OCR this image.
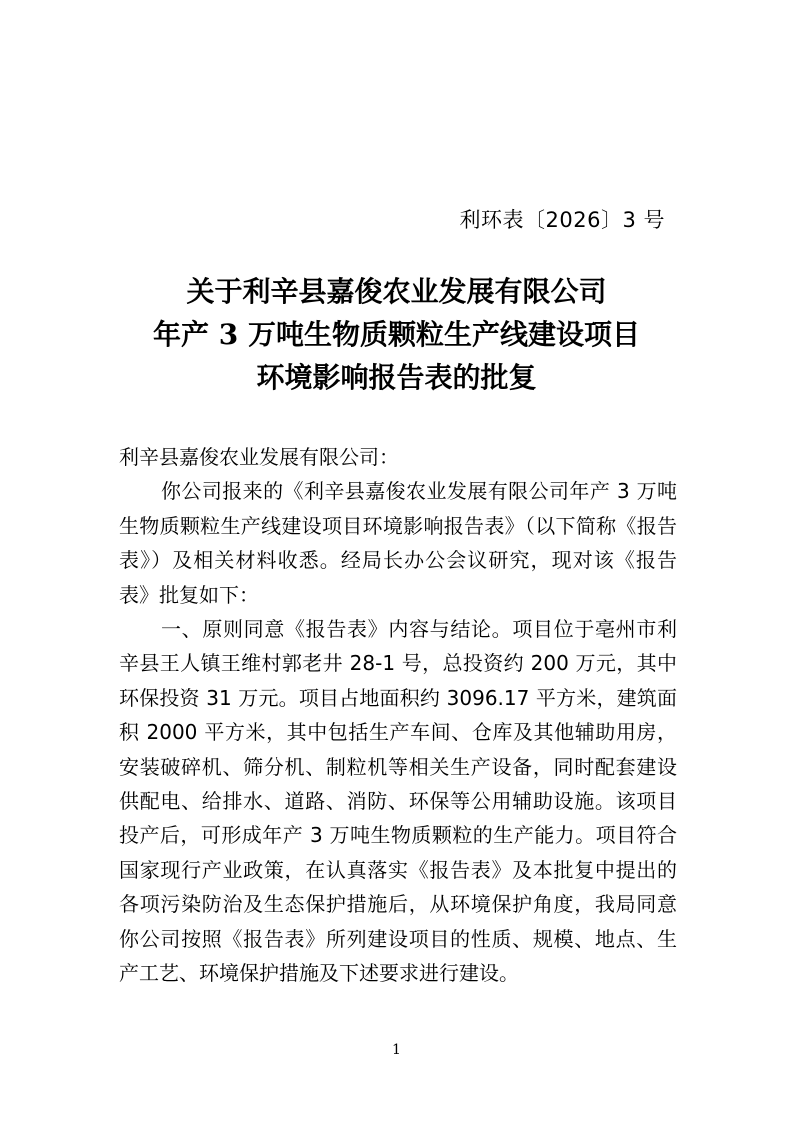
利环表〔2026〕3 号
关于利辛县嘉俊农业发展有限公司
年产 3 万吨生物质颗粒生产线建设项目
环境影响报告表的批复

利辛县嘉俊农业发展有限公司：

你公司报来的《利辛县嘉俊农业发展有限公司年产 3 万吨生物质颗粒生产线建设项目环境影响报告表》（以下简称《报告表》）及相关材料收悉。经局长办公会议研究，现对该《报告表》批复如下：

一、原则同意《报告表》内容与结论。项目位于亳州市利辛县王人镇王维村郭老井 28-1 号，总投资约 200 万元，其中环保投资 31 万元。项目占地面积约 3096.17 平方米，建筑面积 2000 平方米，其中包括生产车间、仓库及其他辅助用房，安装破碎机、筛分机、制粒机等相关生产设备，同时配套建设供配电、给排水、道路、消防、环保等公用辅助设施。该项目投产后，可形成年产 3 万吨生物质颗粒的生产能力。项目符合国家现行产业政策，在认真落实《报告表》及本批复中提出的各项污染防治及生态保护措施后，从环境保护角度，我局同意你公司按照《报告表》所列建设项目的性质、规模、地点、生产工艺、环境保护措施及下述要求进行建设。

1
